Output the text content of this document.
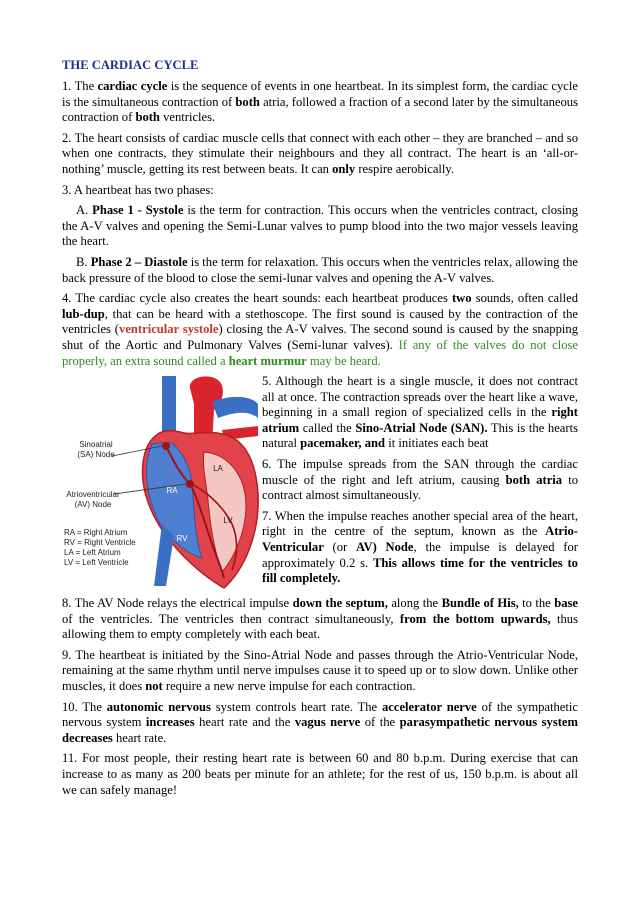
THE CARDIAC CYCLE

1. The cardiac cycle is the sequence of events in one heartbeat. In its simplest form, the cardiac cycle is the simultaneous contraction of both atria, followed a fraction of a second later by the simultaneous contraction of both ventricles.

2. The heart consists of cardiac muscle cells that connect with each other – they are branched – and so when one contracts, they stimulate their neighbours and they all contract. The heart is an ‘all-or-nothing’ muscle, getting its rest between beats. It can only respire aerobically.

3. A heartbeat has two phases:

A. Phase 1 - Systole is the term for contraction. This occurs when the ventricles contract, closing the A-V valves and opening the Semi-Lunar valves to pump blood into the two major vessels leaving the heart.

B. Phase 2 – Diastole is the term for relaxation. This occurs when the ventricles relax, allowing the back pressure of the blood to close the semi-lunar valves and opening the A-V valves.

4. The cardiac cycle also creates the heart sounds: each heartbeat produces two sounds, often called lub-dup, that can be heard with a stethoscope. The first sound is caused by the contraction of the ventricles (ventricular systole) closing the A-V valves. The second sound is caused by the snapping shut of the Aortic and Pulmonary Valves (Semi-lunar valves). If any of the valves do not close properly, an extra sound called a heart murmur may be heard.

Sinoatrial
(SA) Node
Atrioventricular
(AV) Node
RA
LA
LV
RV
RA = Right Atrium
RV = Right Ventricle
LA = Left Atrium
LV = Left Ventricle

5. Although the heart is a single muscle, it does not contract all at once. The contraction spreads over the heart like a wave, beginning in a small region of specialized cells in the right atrium called the Sino-Atrial Node (SAN). This is the hearts natural pacemaker, and it initiates each beat

6. The impulse spreads from the SAN through the cardiac muscle of the right and left atrium, causing both atria to contract almost simultaneously.

7. When the impulse reaches another special area of the heart, right in the centre of the septum, known as the Atrio-Ventricular (or AV) Node, the impulse is delayed for approximately 0.2 s. This allows time for the ventricles to fill completely.

8. The AV Node relays the electrical impulse down the septum, along the Bundle of His, to the base of the ventricles. The ventricles then contract simultaneously, from the bottom upwards, thus allowing them to empty completely with each beat.

9. The heartbeat is initiated by the Sino-Atrial Node and passes through the Atrio-Ventricular Node, remaining at the same rhythm until nerve impulses cause it to speed up or to slow down. Unlike other muscles, it does not require a new nerve impulse for each contraction.

10. The autonomic nervous system controls heart rate. The accelerator nerve of the sympathetic nervous system increases heart rate and the vagus nerve of the parasympathetic nervous system decreases heart rate.

11. For most people, their resting heart rate is between 60 and 80 b.p.m. During exercise that can increase to as many as 200 beats per minute for an athlete; for the rest of us, 150 b.p.m. is about all we can safely manage!
